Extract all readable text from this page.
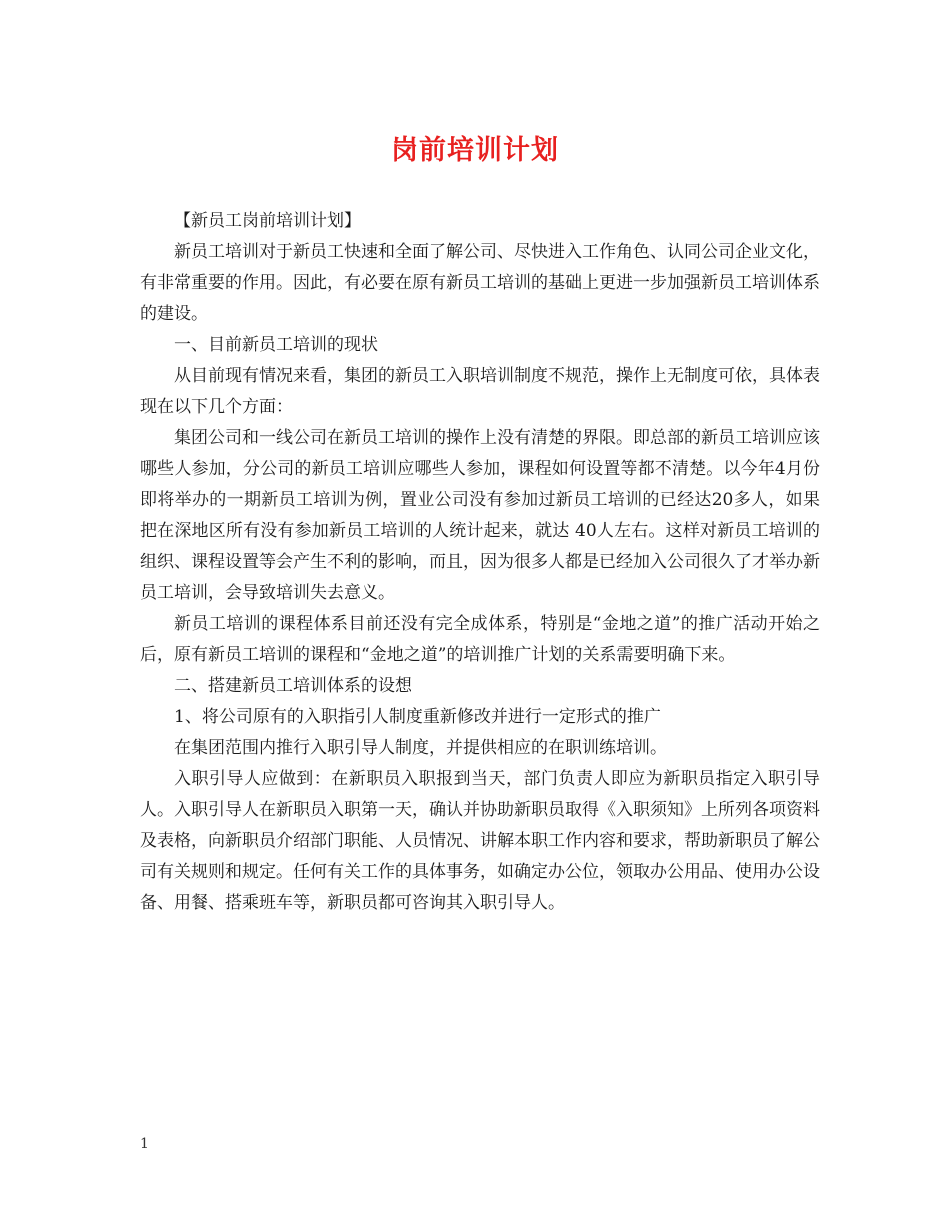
岗前培训计划

【新员工岗前培训计划】

新员工培训对于新员工快速和全面了解公司、尽快进入工作角色、认同公司企业文化，有非常重要的作用。因此，有必要在原有新员工培训的基础上更进一步加强新员工培训体系的建设。

一、目前新员工培训的现状

从目前现有情况来看，集团的新员工入职培训制度不规范，操作上无制度可依，具体表现在以下几个方面：

集团公司和一线公司在新员工培训的操作上没有清楚的界限。即总部的新员工培训应该哪些人参加，分公司的新员工培训应哪些人参加，课程如何设置等都不清楚。以今年4月份即将举办的一期新员工培训为例，置业公司没有参加过新员工培训的已经达20多人，如果把在深地区所有没有参加新员工培训的人统计起来，就达 40人左右。这样对新员工培训的组织、课程设置等会产生不利的影响，而且，因为很多人都是已经加入公司很久了才举办新员工培训，会导致培训失去意义。

新员工培训的课程体系目前还没有完全成体系，特别是“金地之道”的推广活动开始之后，原有新员工培训的课程和“金地之道”的培训推广计划的关系需要明确下来。

二、搭建新员工培训体系的设想

1、将公司原有的入职指引人制度重新修改并进行一定形式的推广

在集团范围内推行入职引导人制度，并提供相应的在职训练培训。

入职引导人应做到：在新职员入职报到当天，部门负责人即应为新职员指定入职引导人。入职引导人在新职员入职第一天，确认并协助新职员取得《入职须知》上所列各项资料及表格，向新职员介绍部门职能、人员情况、讲解本职工作内容和要求，帮助新职员了解公司有关规则和规定。任何有关工作的具体事务，如确定办公位，领取办公用品、使用办公设备、用餐、搭乘班车等，新职员都可咨询其入职引导人。

1
